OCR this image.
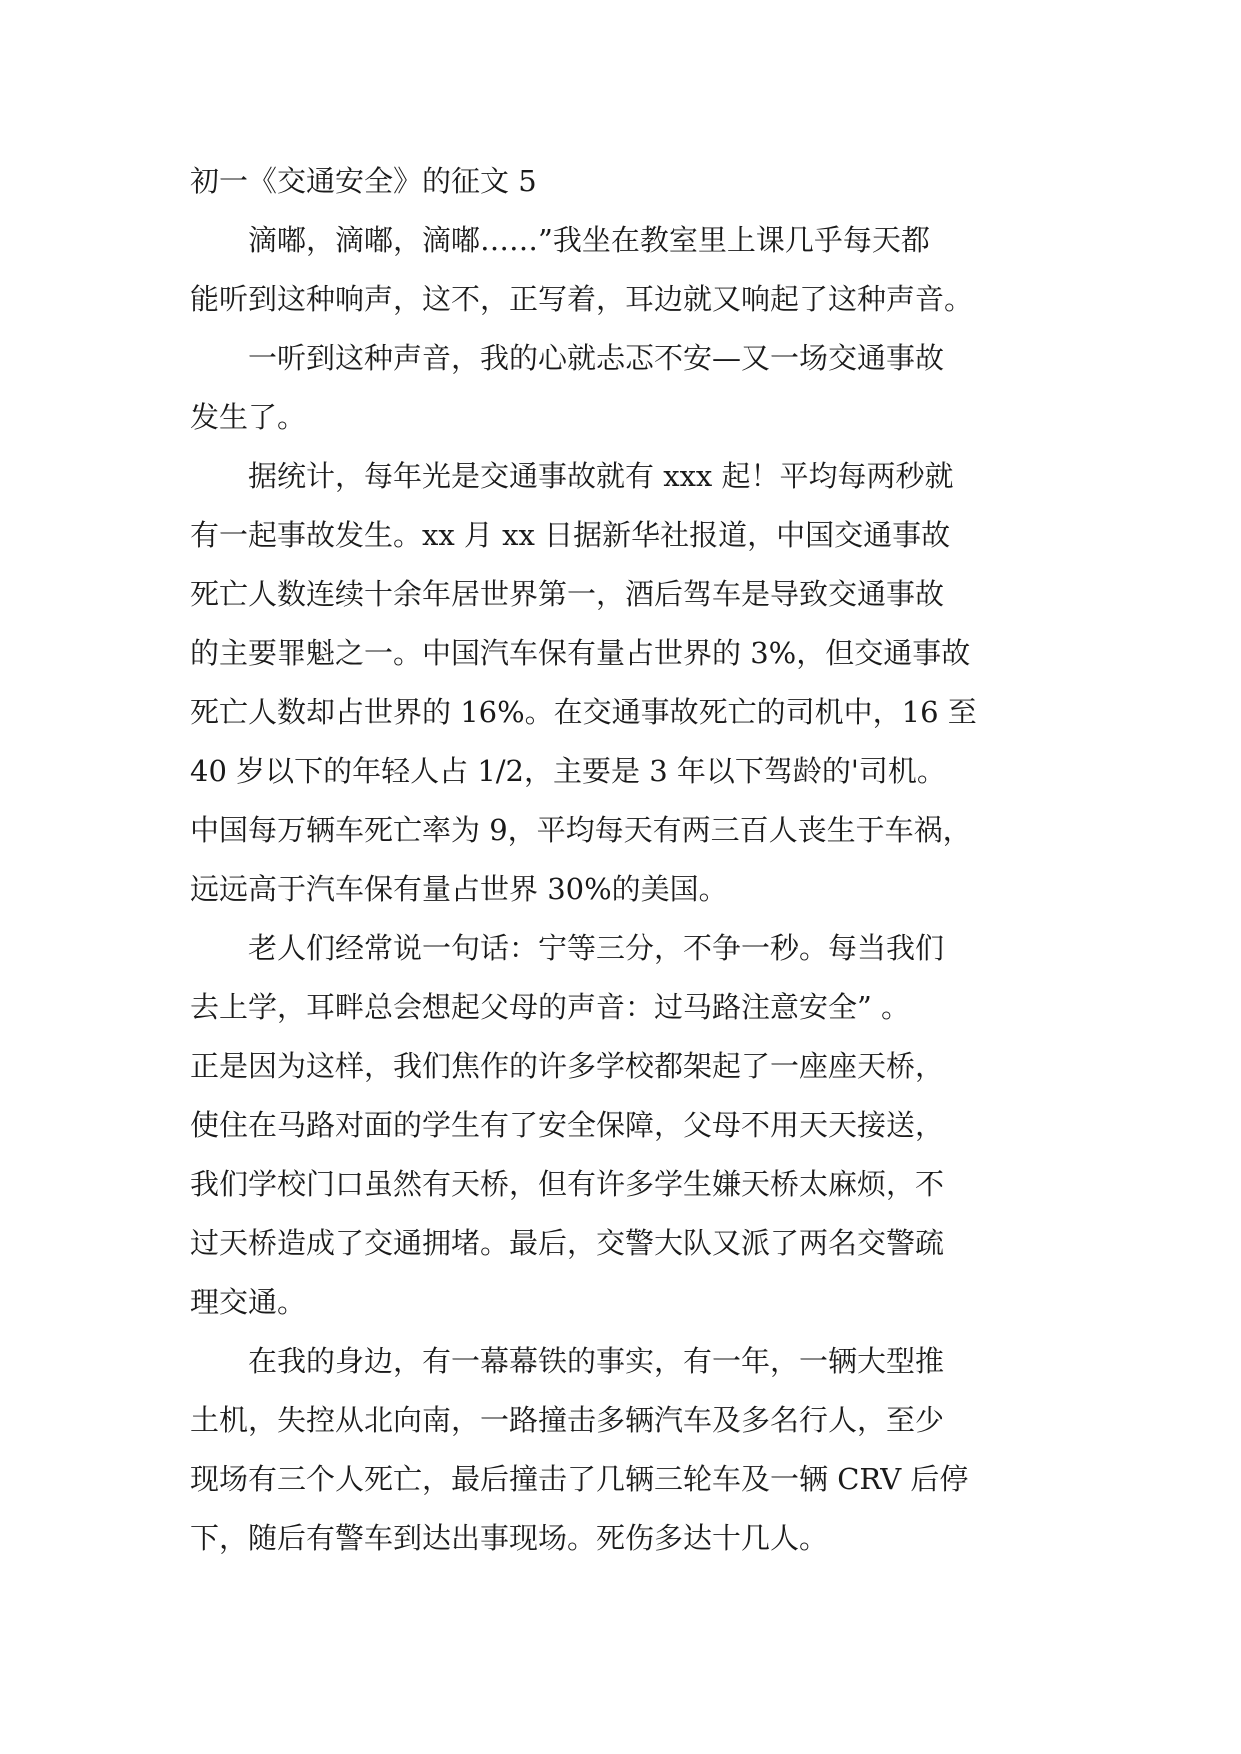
初一《交通安全》的征文 5
滴嘟，滴嘟，滴嘟……”我坐在教室里上课几乎每天都
能听到这种响声，这不，正写着，耳边就又响起了这种声音。
一听到这种声音，我的心就忐忑不安—又一场交通事故
发生了。
据统计，每年光是交通事故就有 xxx 起！平均每两秒就
有一起事故发生。xx 月 xx 日据新华社报道，中国交通事故
死亡人数连续十余年居世界第一，酒后驾车是导致交通事故
的主要罪魁之一。中国汽车保有量占世界的 3%，但交通事故
死亡人数却占世界的 16%。在交通事故死亡的司机中，16 至
40 岁以下的年轻人占 1/2，主要是 3 年以下驾龄的'司机。
中国每万辆车死亡率为 9，平均每天有两三百人丧生于车祸，
远远高于汽车保有量占世界 30%的美国。
老人们经常说一句话：宁等三分，不争一秒。每当我们
去上学，耳畔总会想起父母的声音：过马路注意安全” 。
正是因为这样，我们焦作的许多学校都架起了一座座天桥，
使住在马路对面的学生有了安全保障，父母不用天天接送，
我们学校门口虽然有天桥，但有许多学生嫌天桥太麻烦，不
过天桥造成了交通拥堵。最后，交警大队又派了两名交警疏
理交通。
在我的身边，有一幕幕铁的事实，有一年，一辆大型推
土机，失控从北向南，一路撞击多辆汽车及多名行人，至少
现场有三个人死亡，最后撞击了几辆三轮车及一辆 CRV 后停
下，随后有警车到达出事现场。死伤多达十几人。
